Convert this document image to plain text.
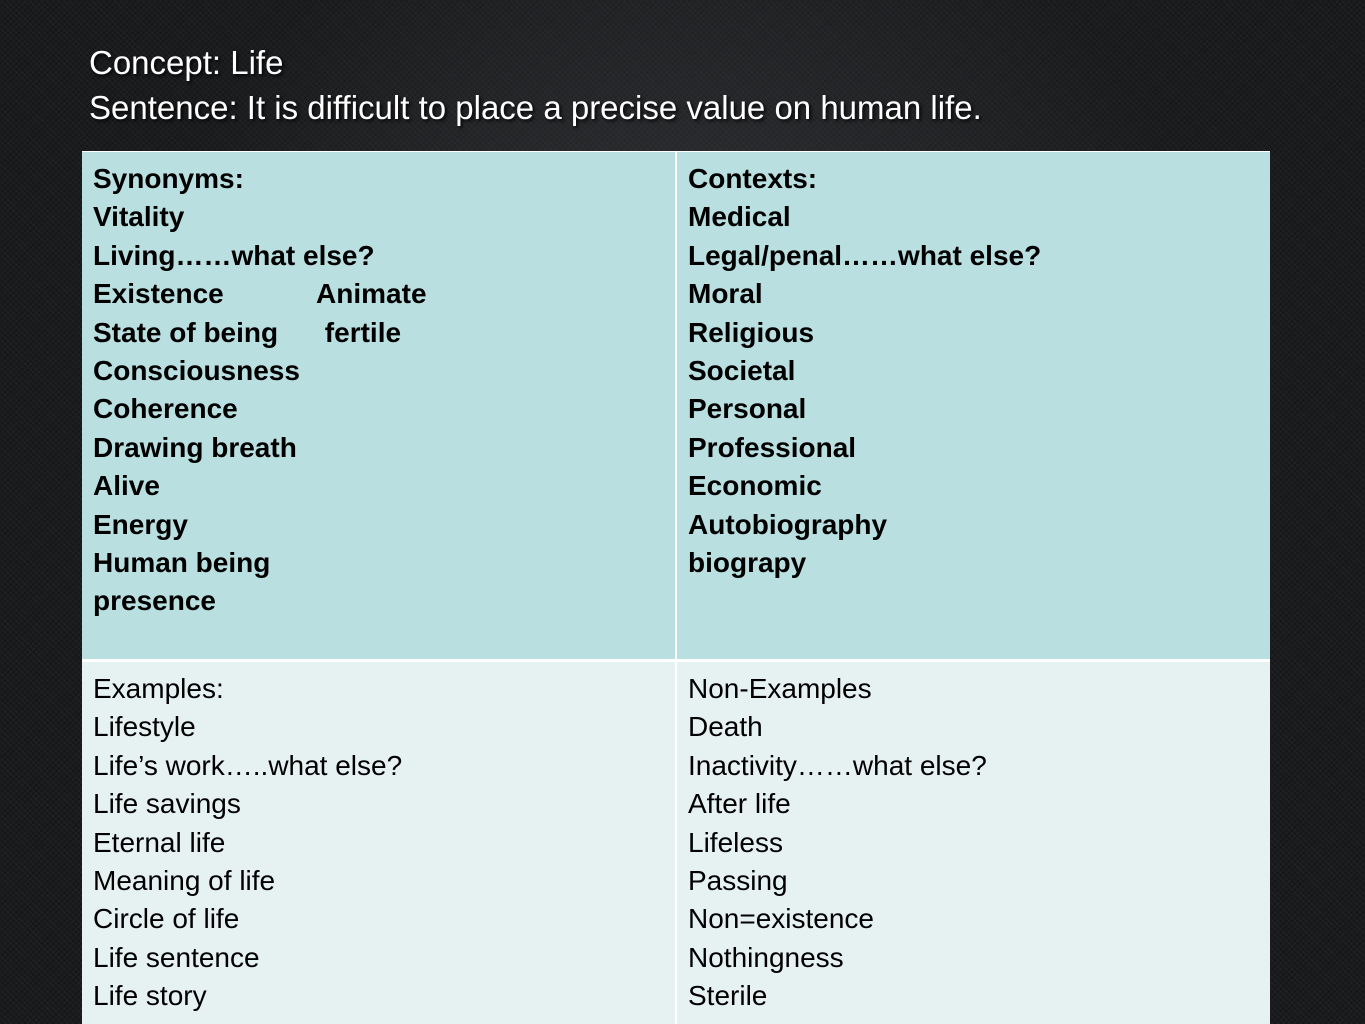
Concept: Life
Sentence: It is difficult to place a precise value on human life.
Synonyms:
Vitality
Living……what else?
Existence            Animate
State of being      fertile
Consciousness
Coherence
Drawing breath
Alive
Energy
Human being
presence
Contexts:
Medical
Legal/penal……what else?
Moral
Religious
Societal
Personal
Professional
Economic
Autobiography
biograpy
Examples:
Lifestyle
Life’s work…..what else?
Life savings
Eternal life
Meaning of life
Circle of life
Life sentence
Life story
Non-Examples
Death
Inactivity……what else?
After life
Lifeless
Passing
Non=existence
Nothingness
Sterile
